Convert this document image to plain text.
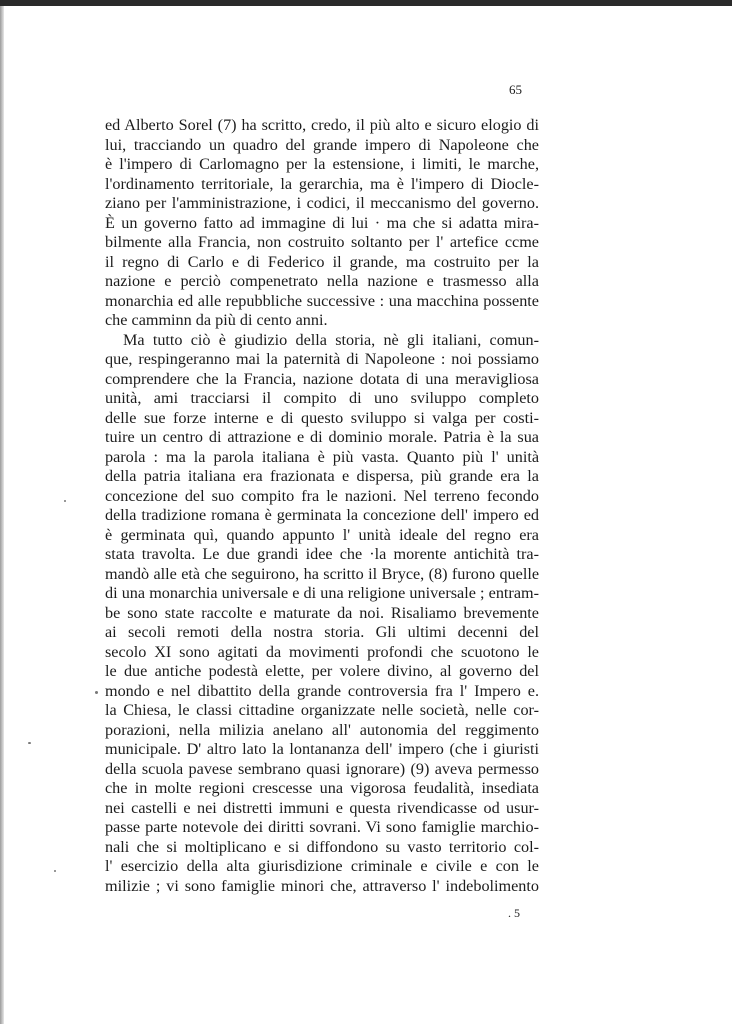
65
ed Alberto Sorel (7) ha scritto, credo, il più alto e sicuro elogio di
lui, tracciando un quadro del grande impero di Napoleone che
è l'impero di Carlomagno per la estensione, i limiti, le marche,
l'ordinamento territoriale, la gerarchia, ma è l'impero di Diocle-
ziano per l'amministrazione, i codici, il meccanismo del governo.
È un governo fatto ad immagine di lui · ma che si adatta mira-
bilmente alla Francia, non costruito soltanto per l' artefice ccme
il regno di Carlo e di Federico il grande, ma costruito per la
nazione e perciò compenetrato nella nazione e trasmesso alla
monarchia ed alle repubbliche successive : una macchina possente
che camminn da più di cento anni.
Ma tutto ciò è giudizio della storia, nè gli italiani, comun-
que, respingeranno mai la paternità di Napoleone : noi possiamo
comprendere che la Francia, nazione dotata di una meravigliosa
unità, ami tracciarsi il compito di uno sviluppo completo
delle sue forze interne e di questo sviluppo si valga per costi-
tuire un centro di attrazione e di dominio morale. Patria è la sua
parola : ma la parola italiana è più vasta. Quanto più l' unità
della patria italiana era frazionata e dispersa, più grande era la
concezione del suo compito fra le nazioni. Nel terreno fecondo
della tradizione romana è germinata la concezione dell' impero ed
è germinata quì, quando appunto l' unità ideale del regno era
stata travolta. Le due grandi idee che ·la morente antichità tra-
mandò alle età che seguirono, ha scritto il Bryce, (8) furono quelle
di una monarchia universale e di una religione universale ; entram-
be sono state raccolte e maturate da noi. Risaliamo brevemente
ai secoli remoti della nostra storia. Gli ultimi decenni del
secolo XI sono agitati da movimenti profondi che scuotono le
le due antiche podestà elette, per volere divino, al governo del
mondo e nel dibattito della grande controversia fra l' Impero e.
la Chiesa, le classi cittadine organizzate nelle società, nelle cor-
porazioni, nella milizia anelano all' autonomia del reggimento
municipale. D' altro lato la lontananza dell' impero (che i giuristi
della scuola pavese sembrano quasi ignorare) (9) aveva permesso
che in molte regioni crescesse una vigorosa feudalità, insediata
nei castelli e nei distretti immuni e questa rivendicasse od usur-
passe parte notevole dei diritti sovrani. Vi sono famiglie marchio-
nali che si moltiplicano e si diffondono su vasto territorio col-
l' esercizio della alta giurisdizione criminale e civile e con le
milizie ; vi sono famiglie minori che, attraverso l' indebolimento
. 5
